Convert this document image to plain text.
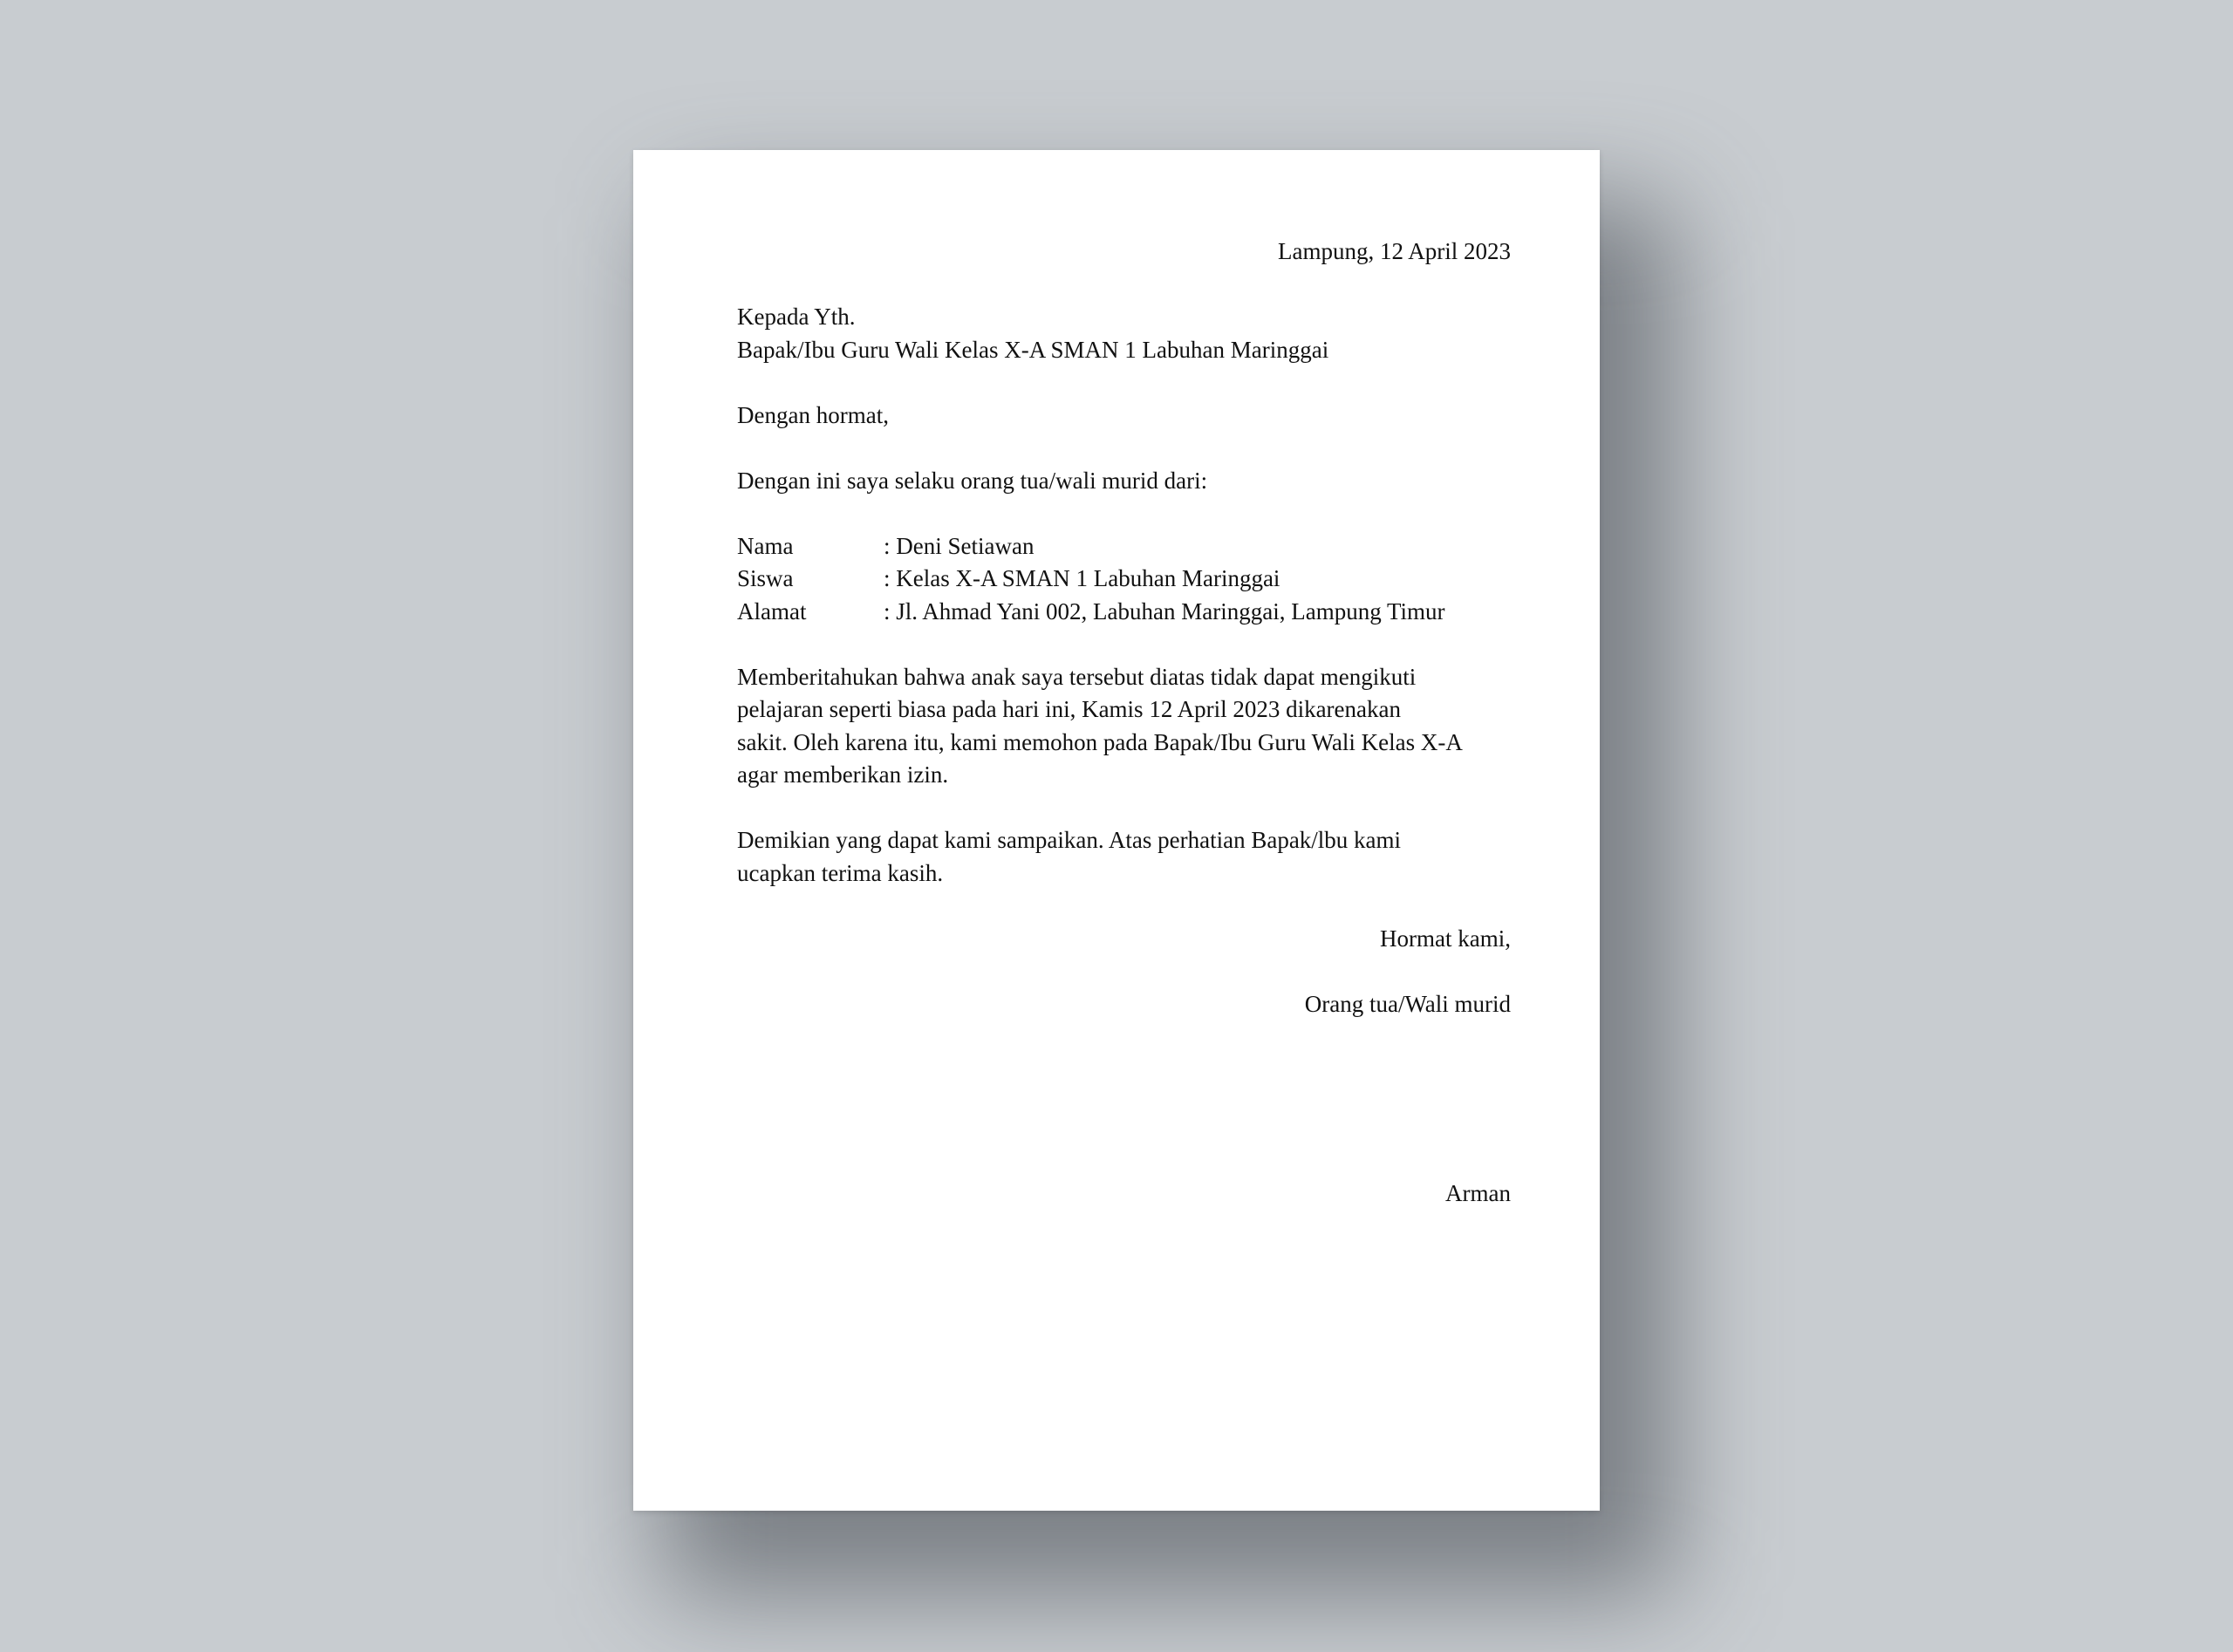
Lampung, 12 April 2023
Kepada Yth.
Bapak/Ibu Guru Wali Kelas X-A SMAN 1 Labuhan Maringgai
Dengan hormat,
Dengan ini saya selaku orang tua/wali murid dari:
Nama	: Deni Setiawan
Siswa	: Kelas X-A SMAN 1 Labuhan Maringgai
Alamat	: Jl. Ahmad Yani 002, Labuhan Maringgai, Lampung Timur
Memberitahukan bahwa anak saya tersebut diatas tidak dapat mengikuti
pelajaran seperti biasa pada hari ini, Kamis 12 April 2023 dikarenakan
sakit. Oleh karena itu, kami memohon pada Bapak/Ibu Guru Wali Kelas X-A
agar memberikan izin.
Demikian yang dapat kami sampaikan. Atas perhatian Bapak/lbu kami
ucapkan terima kasih.
Hormat kami,
Orang tua/Wali murid
Arman
